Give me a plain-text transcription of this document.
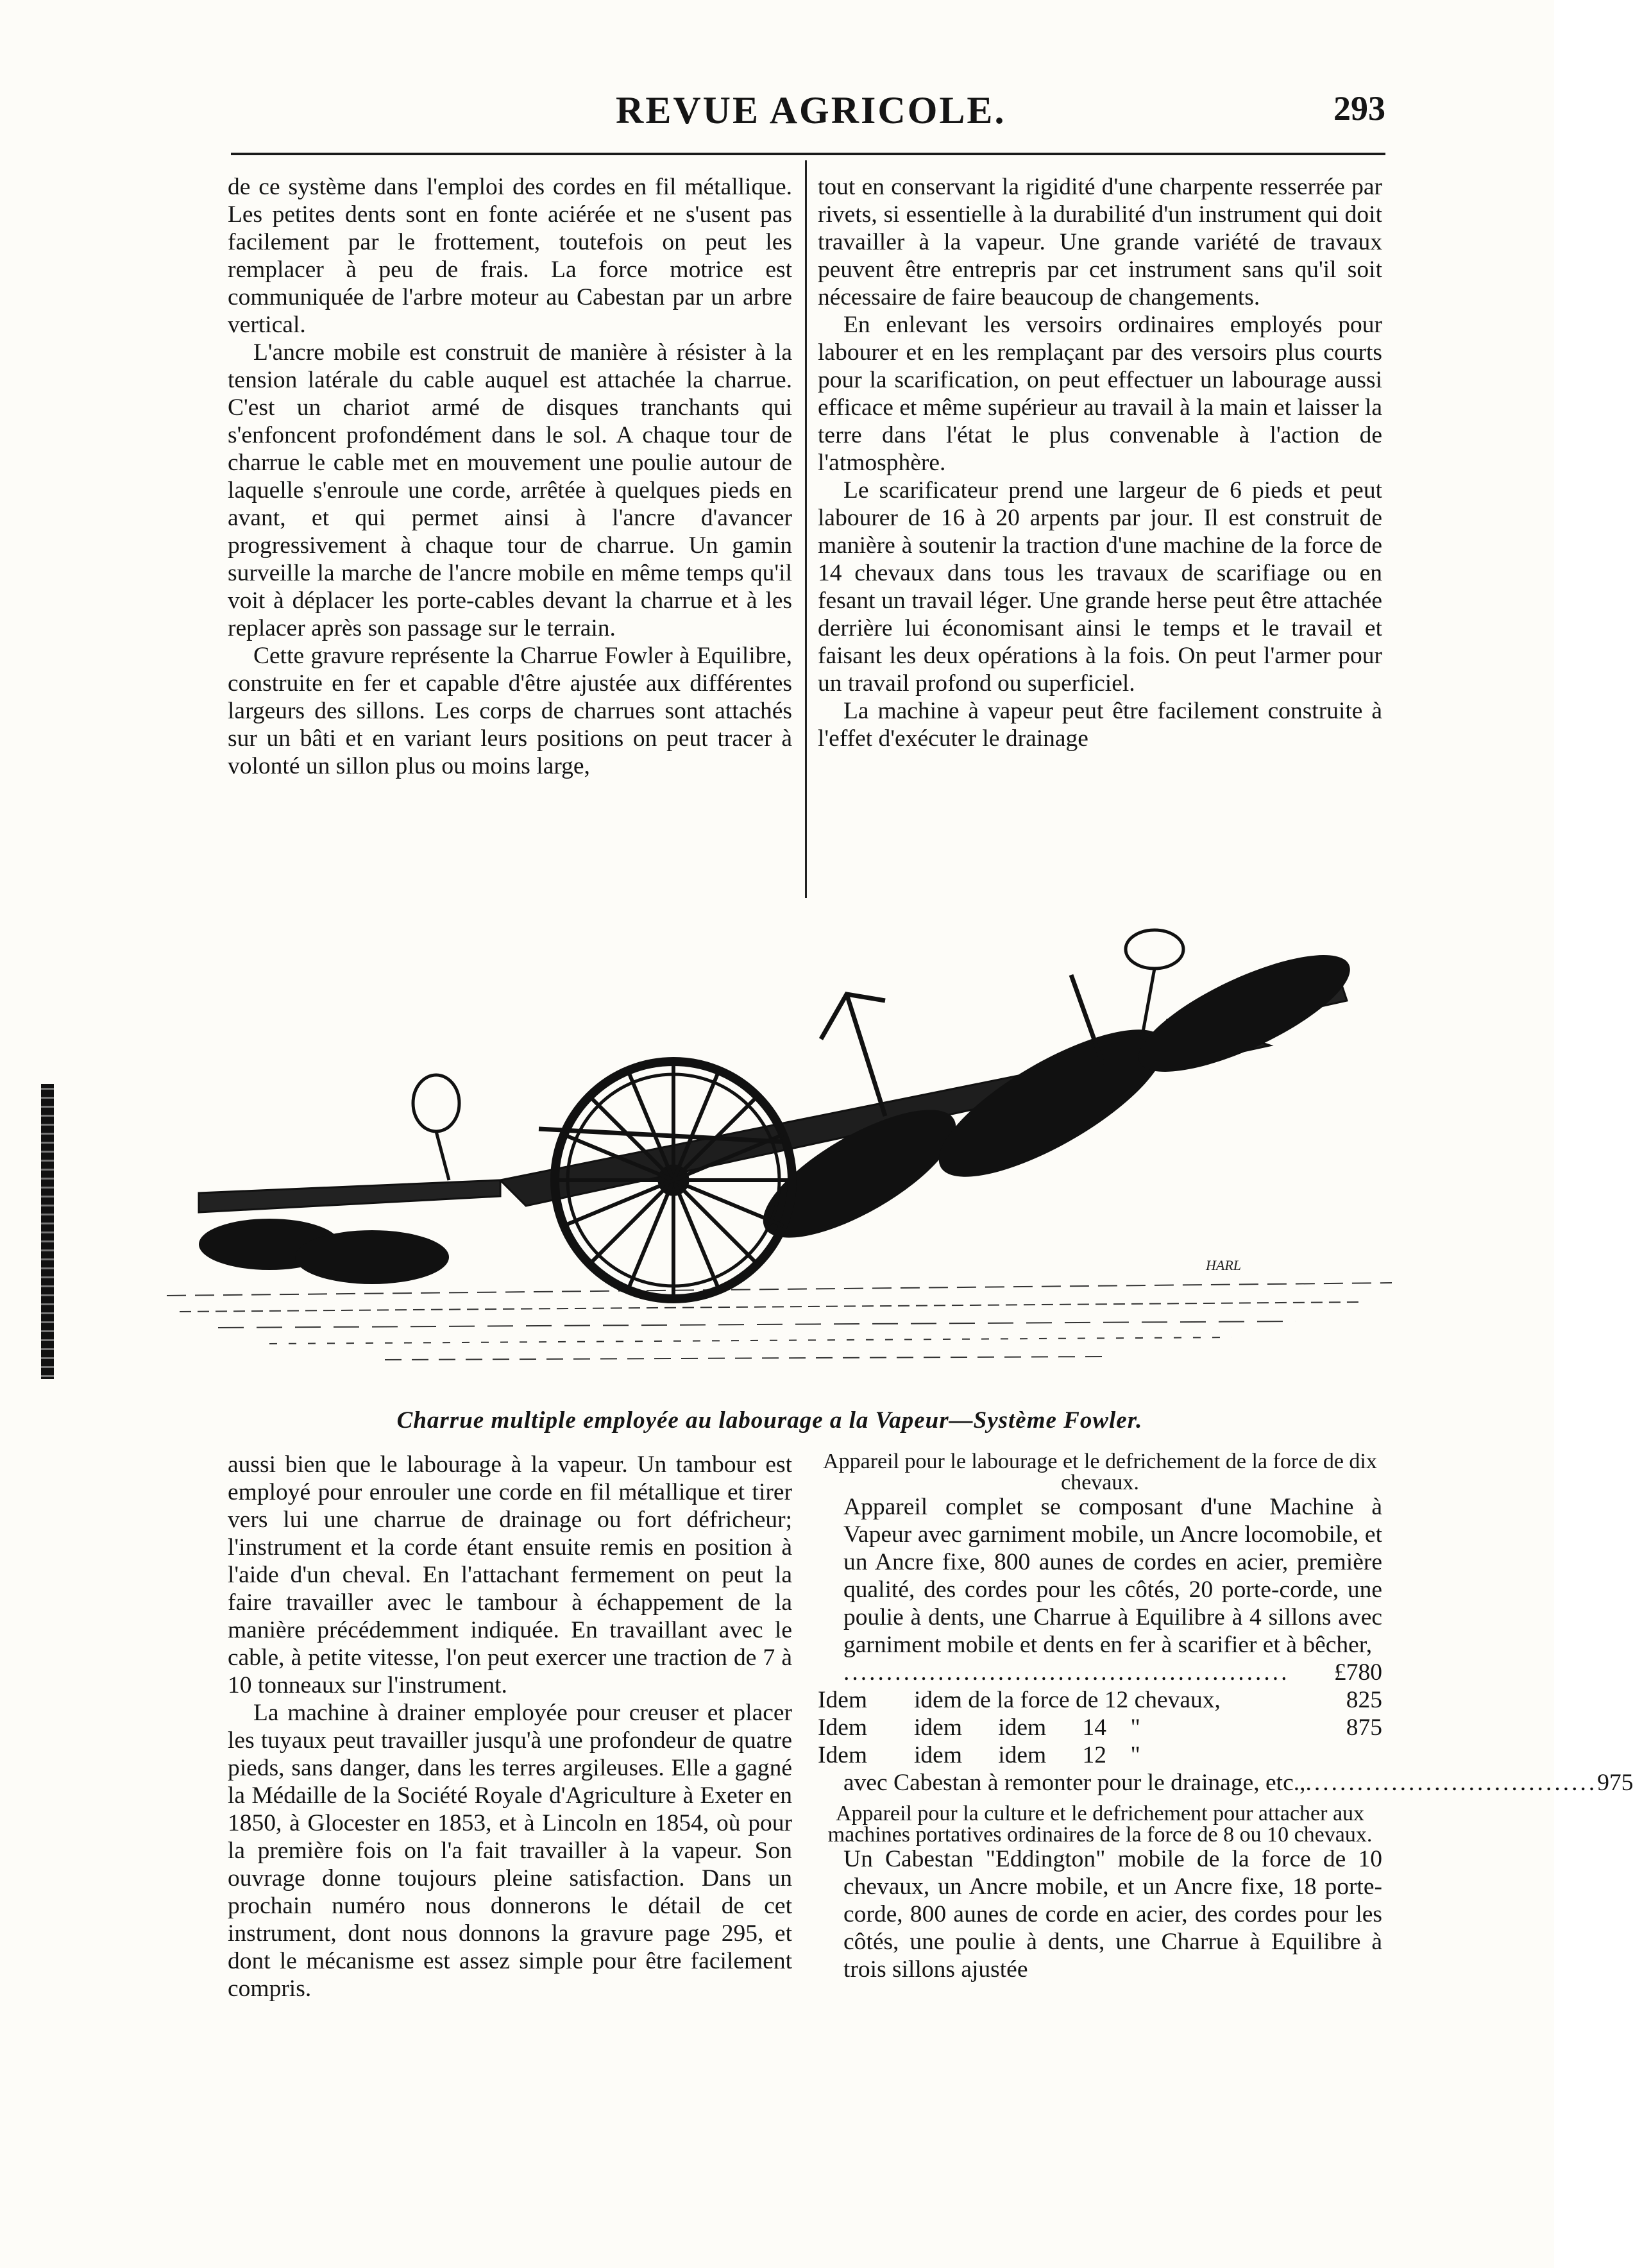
REVUE AGRICOLE.	293

de ce système dans l'emploi des cordes en fil métallique. Les petites dents sont en fonte aciérée et ne s'usent pas facilement par le frottement, toutefois on peut les remplacer à peu de frais. La force motrice est communiquée de l'arbre moteur au Cabestan par un arbre vertical.

L'ancre mobile est construit de manière à résister à la tension latérale du cable auquel est attachée la charrue. C'est un chariot armé de disques tranchants qui s'enfoncent profondément dans le sol. A chaque tour de charrue le cable met en mouvement une poulie autour de laquelle s'enroule une corde, arrêtée à quelques pieds en avant, et qui permet ainsi à l'ancre d'avancer progressivement à chaque tour de charrue. Un gamin surveille la marche de l'ancre mobile en même temps qu'il voit à déplacer les porte-cables devant la charrue et à les replacer après son passage sur le terrain.

Cette gravure représente la Charrue Fowler à Equilibre, construite en fer et capable d'être ajustée aux différentes largeurs des sillons. Les corps de charrues sont attachés sur un bâti et en variant leurs positions on peut tracer à volonté un sillon plus ou moins large,

tout en conservant la rigidité d'une charpente resserrée par rivets, si essentielle à la durabilité d'un instrument qui doit travailler à la vapeur. Une grande variété de travaux peuvent être entrepris par cet instrument sans qu'il soit nécessaire de faire beaucoup de changements.

En enlevant les versoirs ordinaires employés pour labourer et en les remplaçant par des versoirs plus courts pour la scarification, on peut effectuer un labourage aussi efficace et même supérieur au travail à la main et laisser la terre dans l'état le plus convenable à l'action de l'atmosphère.

Le scarificateur prend une largeur de 6 pieds et peut labourer de 16 à 20 arpents par jour. Il est construit de manière à soutenir la traction d'une machine de la force de 14 chevaux dans tous les travaux de scarifiage ou en fesant un travail léger. Une grande herse peut être attachée derrière lui économisant ainsi le temps et le travail et faisant les deux opérations à la fois. On peut l'armer pour un travail profond ou superficiel.

La machine à vapeur peut être facilement construite à l'effet d'exécuter le drainage

HARL
Charrue multiple employée au labourage a la Vapeur—Système Fowler.

aussi bien que le labourage à la vapeur. Un tambour est employé pour enrouler une corde en fil métallique et tirer vers lui une charrue de drainage ou fort défricheur; l'instrument et la corde étant ensuite remis en position à l'aide d'un cheval. En l'attachant fermement on peut la faire travailler avec le tambour à échappement de la manière précédemment indiquée. En travaillant avec le cable, à petite vitesse, l'on peut exercer une traction de 7 à 10 tonneaux sur l'instrument.

La machine à drainer employée pour creuser et placer les tuyaux peut travailler jusqu'à une profondeur de quatre pieds, sans danger, dans les terres argileuses. Elle a gagné la Médaille de la Société Royale d'Agriculture à Exeter en 1850, à Glocester en 1853, et à Lincoln en 1854, où pour la première fois on l'a fait travailler à la vapeur. Son ouvrage donne toujours pleine satisfaction. Dans un prochain numéro nous donnerons le détail de cet instrument, dont nous donnons la gravure page 295, et dont le mécanisme est assez simple pour être facilement compris.

Appareil pour le labourage et le defrichement de la force de dix chevaux.

Appareil complet se composant d'une Machine à Vapeur avec garniment mobile, un Ancre locomobile, et un Ancre fixe, 800 aunes de cordes en acier, première qualité, des cordes pour les côtés, 20 porte-corde, une poulie à dents, une Charrue à Equilibre à 4 sillons avec garniment mobile et dents en fer à scarifier et à bêcher,
....................................................	£780
Idem	idem de la force de 12 chevaux,	825
Idem	idem      idem      14    "	875
Idem	idem      idem      12    "
avec Cabestan à remonter pour le drainage, etc., .................................. 975

Appareil pour la culture et le defrichement pour attacher aux machines portatives ordinaires de la force de 8 ou 10 chevaux.

Un Cabestan "Eddington" mobile de la force de 10 chevaux, un Ancre mobile, et un Ancre fixe, 18 porte-corde, 800 aunes de corde en acier, des cordes pour les côtés, une poulie à dents, une Charrue à Equilibre à trois sillons ajustée
